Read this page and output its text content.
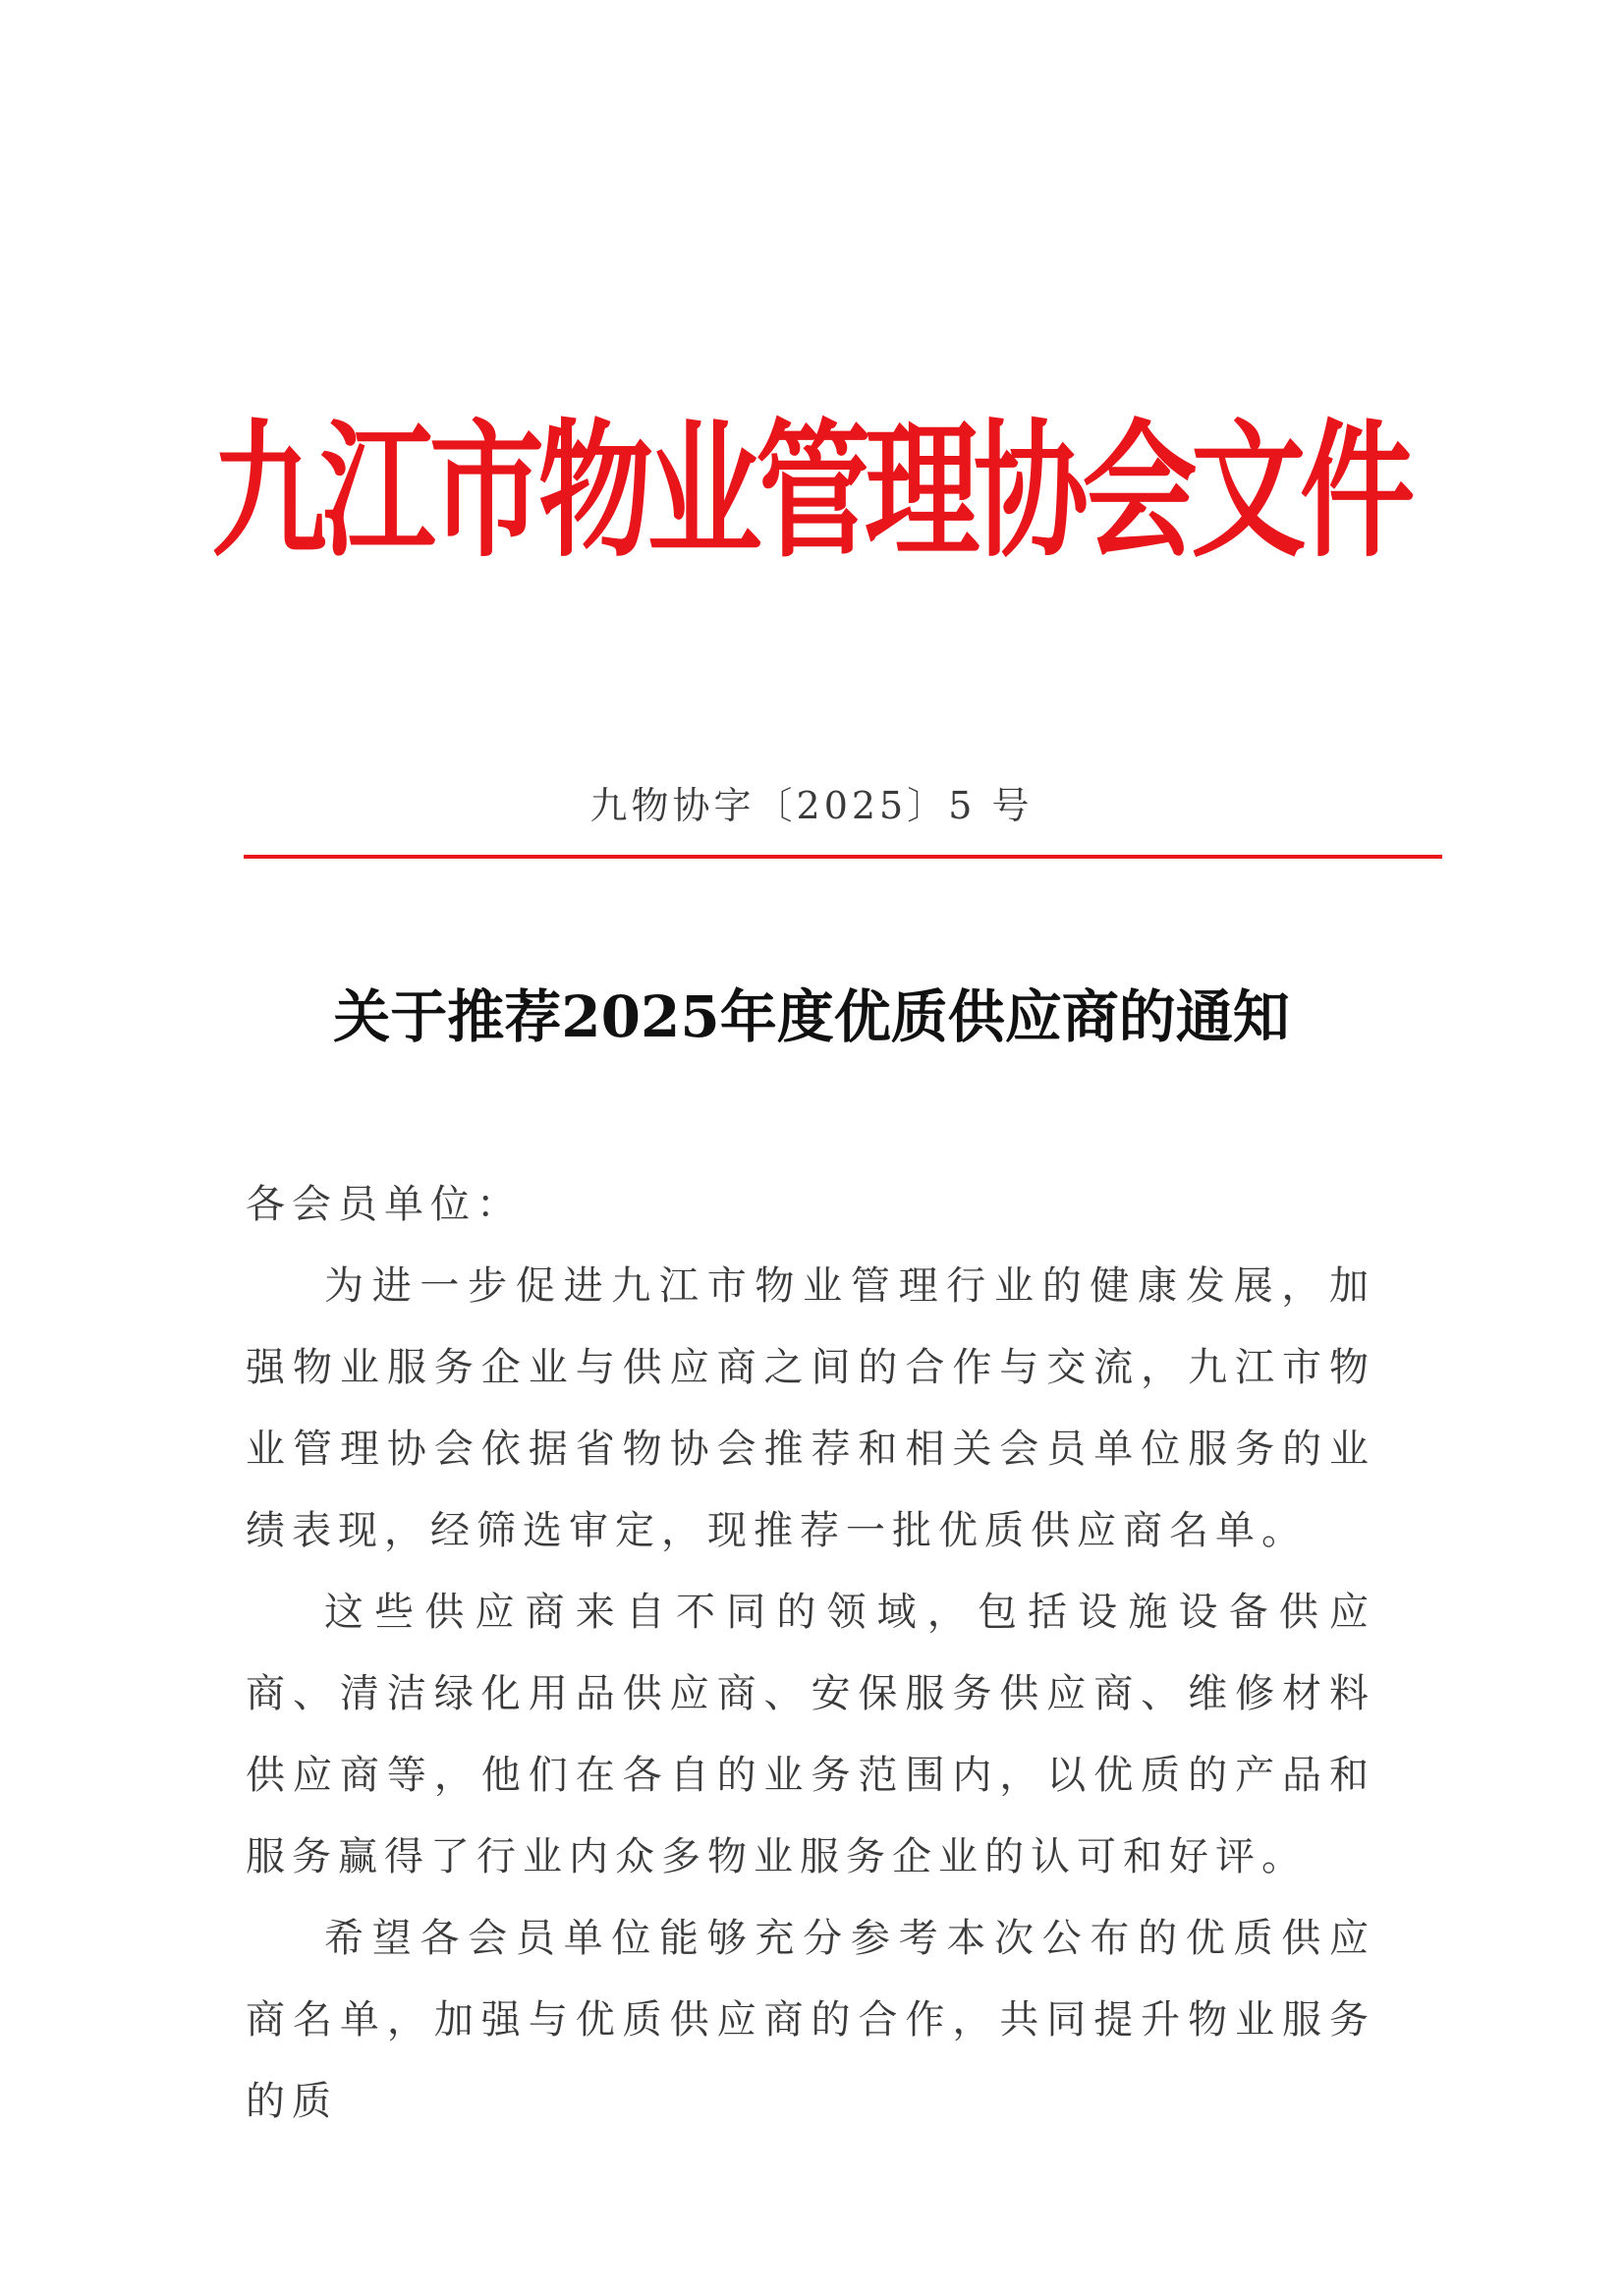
九江市物业管理协会文件
九物协字〔2025〕5 号
关于推荐2025年度优质供应商的通知

各会员单位：

为进一步促进九江市物业管理行业的健康发展，加强物业服务企业与供应商之间的合作与交流，九江市物业管理协会依据省物协会推荐和相关会员单位服务的业绩表现，经筛选审定，现推荐一批优质供应商名单。

这些供应商来自不同的领域，包括设施设备供应商、清洁绿化用品供应商、安保服务供应商、维修材料供应商等，他们在各自的业务范围内，以优质的产品和服务赢得了行业内众多物业服务企业的认可和好评。

希望各会员单位能够充分参考本次公布的优质供应商名单，加强与优质供应商的合作，共同提升物业服务的质
